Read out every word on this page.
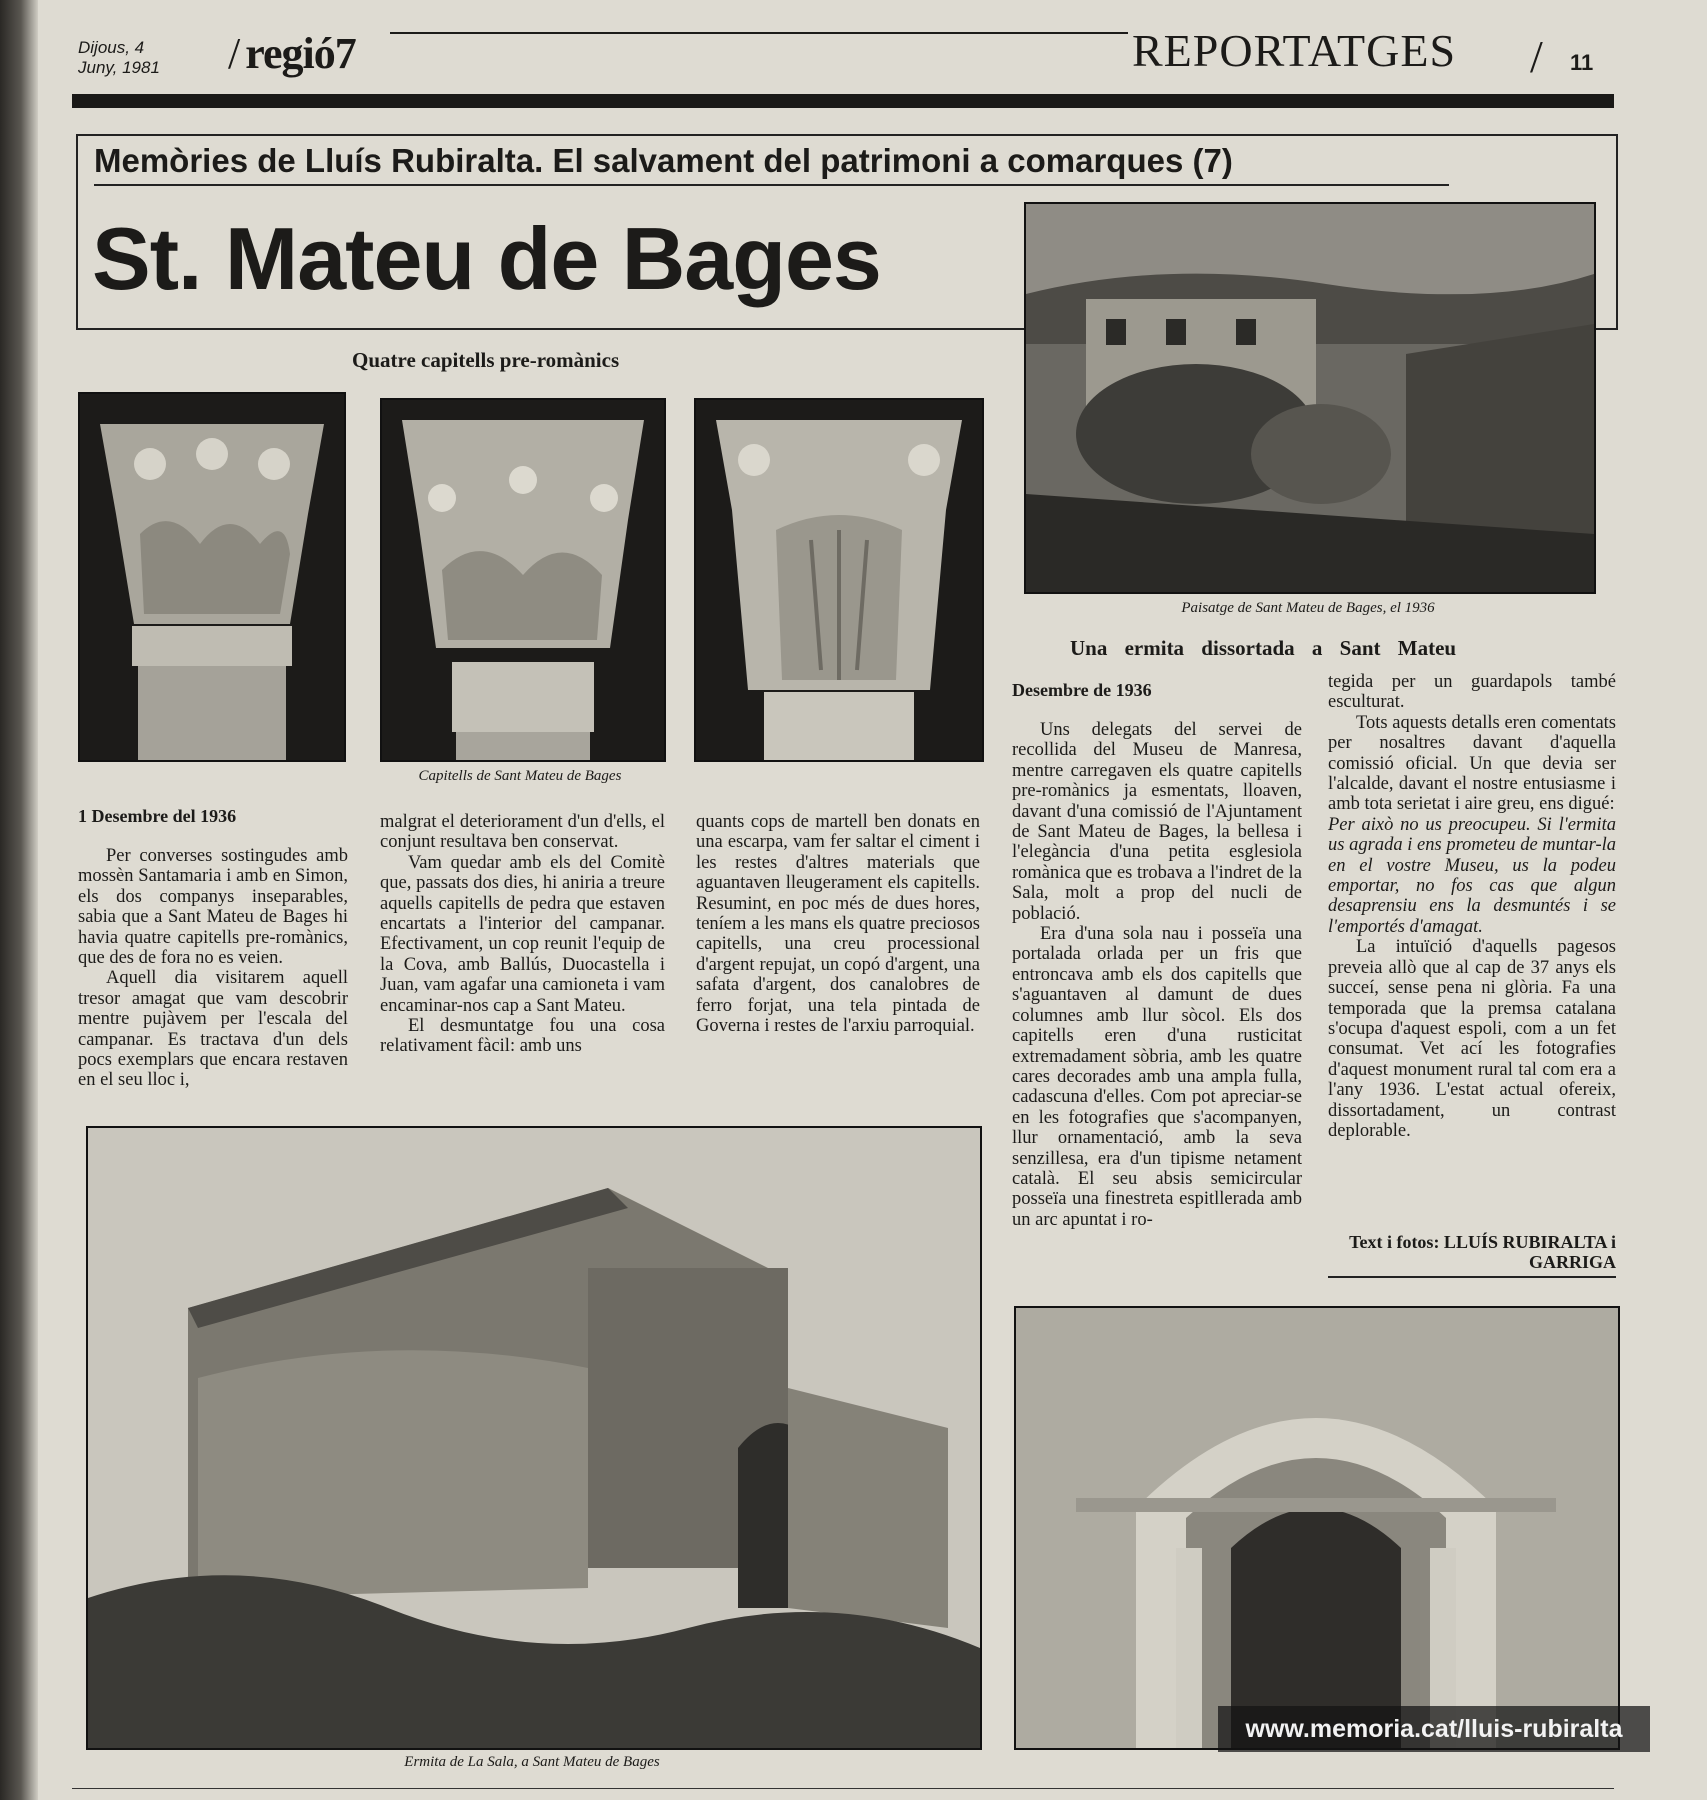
Dijous, 4
Juny, 1981 / regió7	REPORTATGES / 11
Memòries de Lluís Rubiralta. El salvament del patrimoni a comarques (7)
St. Mateu de Bages
Paisatge de Sant Mateu de Bages, el 1936
Quatre capitells pre-romànics
Capitells de Sant Mateu de Bages
1 Desembre del 1936

Per converses sostingudes amb mossèn Santamaria i amb en Simon, els dos companys inseparables, sabia que a Sant Mateu de Bages hi havia quatre capitells pre-romànics, que des de fora no es veien.

Aquell dia visitarem aquell tresor amagat que vam descobrir mentre pujàvem per l'escala del campanar. Es tractava d'un dels pocs exemplars que encara restaven en el seu lloc i,

malgrat el deteriorament d'un d'ells, el conjunt resultava ben conservat.

Vam quedar amb els del Comitè que, passats dos dies, hi aniria a treure aquells capitells de pedra que estaven encartats a l'interior del campanar. Efectivament, un cop reunit l'equip de la Cova, amb Ballús, Duocastella i Juan, vam agafar una camioneta i vam encaminar-nos cap a Sant Mateu.

El desmuntatge fou una cosa relativament fàcil: amb uns

quants cops de martell ben donats en una escarpa, vam fer saltar el ciment i les restes d'altres materials que aguantaven lleugerament els capitells. Resumint, en poc més de dues hores, teníem a les mans els quatre preciosos capitells, una creu processional d'argent repujat, un copó d'argent, una safata d'argent, dos canalobres de ferro forjat, una tela pintada de Governa i restes de l'arxiu parroquial.

Una ermita dissortada a Sant Mateu
Desembre de 1936

Uns delegats del servei de recollida del Museu de Manresa, mentre carregaven els quatre capitells pre-romànics ja esmentats, lloaven, davant d'una comissió de l'Ajuntament de Sant Mateu de Bages, la bellesa i l'elegància d'una petita esglesiola romànica que es trobava a l'indret de la Sala, molt a prop del nucli de població.

Era d'una sola nau i posseïa una portalada orlada per un fris que entroncava amb els dos capitells que s'aguantaven al damunt de dues columnes amb llur sòcol. Els dos capitells eren d'una rusticitat extremadament sòbria, amb les quatre cares decorades amb una ampla fulla, cadascuna d'elles. Com pot apreciar-se en les fotografies que s'acompanyen, llur ornamentació, amb la seva senzillesa, era d'un tipisme netament català. El seu absis semicircular posseïa una finestreta espitllerada amb un arc apuntat i ro-

tegida per un guardapols també esculturat.

Tots aquests detalls eren comentats per nosaltres davant d'aquella comissió oficial. Un que devia ser l'alcalde, davant el nostre entusiasme i amb tota serietat i aire greu, ens digué:

Per això no us preocupeu. Si l'ermita us agrada i ens prometeu de muntar-la en el vostre Museu, us la podeu emportar, no fos cas que algun desaprensiu ens la desmuntés i se l'emportés d'amagat.

La intuïció d'aquells pagesos preveia allò que al cap de 37 anys els succeí, sense pena ni glòria. Fa una temporada que la premsa catalana s'ocupa d'aquest espoli, com a un fet consumat. Vet ací les fotografies d'aquest monument rural tal com era a l'any 1936. L'estat actual ofereix, dissortadament, un contrast deplorable.

Text i fotos: LLUÍS RUBIRALTA i GARRIGA
Ermita de La Sala, a Sant Mateu de Bages
www.memoria.cat/lluis-rubiralta
